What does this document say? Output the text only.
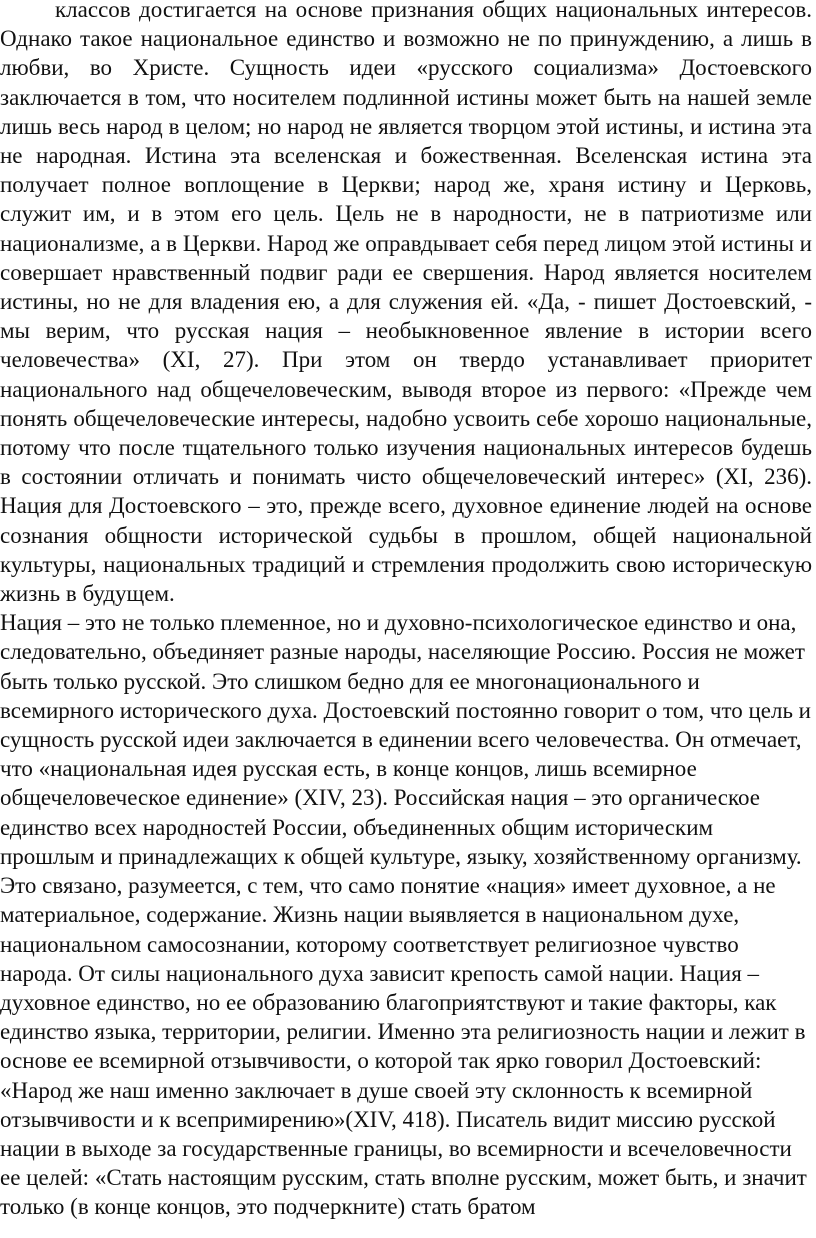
классов достигается на основе признания общих национальных интересов. Однако такое национальное единство и возможно не по принуждению, а лишь в любви, во Христе. Сущность идеи «русского социализма» Достоевского заключается в том, что носителем подлинной истины может быть на нашей земле лишь весь народ в целом; но народ не является творцом этой истины, и истина эта не народная. Истина эта вселенская и божественная. Вселенская истина эта получает полное воплощение в Церкви; народ же, храня истину и Церковь, служит им, и в этом его цель. Цель не в народности, не в патриотизме или национализме, а в Церкви. Народ же оправдывает себя перед лицом этой истины и совершает нравственный подвиг ради ее свершения. Народ является носителем истины, но не для владения ею, а для служения ей. «Да, - пишет Достоевский, - мы верим, что русская нация – необыкновенное явление в истории всего человечества» (XI, 27). При этом он твердо устанавливает приоритет национального над общечеловеческим, выводя второе из первого: «Прежде чем понять общечеловеческие интересы, надобно усвоить себе хорошо национальные, потому что после тщательного только изучения национальных интересов будешь в состоянии отличать и понимать чисто общечеловеческий интерес» (XI, 236). Нация для Достоевского – это, прежде всего, духовное единение людей на основе сознания общности исторической судьбы в прошлом, общей национальной культуры, национальных традиций и стремления продолжить свою историческую жизнь в будущем.

Нация – это не только племенное, но и духовно-психологическое единство и она, следовательно, объединяет разные народы, населяющие Россию. Россия не может быть только русской. Это слишком бедно для ее многонационального и всемирного исторического духа. Достоевский постоянно говорит о том, что цель и сущность русской идеи заключается в единении всего человечества. Он отмечает, что «национальная идея русская есть, в конце концов, лишь всемирное общечеловеческое единение» (XIV, 23). Российская нация – это органическое единство всех народностей России, объединенных общим историческим прошлым и принадлежащих к общей культуре, языку, хозяйственному организму. Это связано, разумеется, с тем, что само понятие «нация» имеет духовное, а не материальное, содержание. Жизнь нации выявляется в национальном духе, национальном самосознании, которому соответствует религиозное чувство народа. От силы национального духа зависит крепость самой нации. Нация – духовное единство, но ее образованию благоприятствуют и такие факторы, как единство языка, территории, религии. Именно эта религиозность нации и лежит в основе ее всемирной отзывчивости, о которой так ярко говорил Достоевский: «Народ же наш именно заключает в душе своей эту склонность к всемирной отзывчивости и к всепримирению»(XIV, 418). Писатель видит миссию русской нации в выходе за государственные границы, во всемирности и всечеловечности ее целей: «Стать настоящим русским, стать вполне русским, может быть, и значит только (в конце концов, это подчеркните) стать братом
